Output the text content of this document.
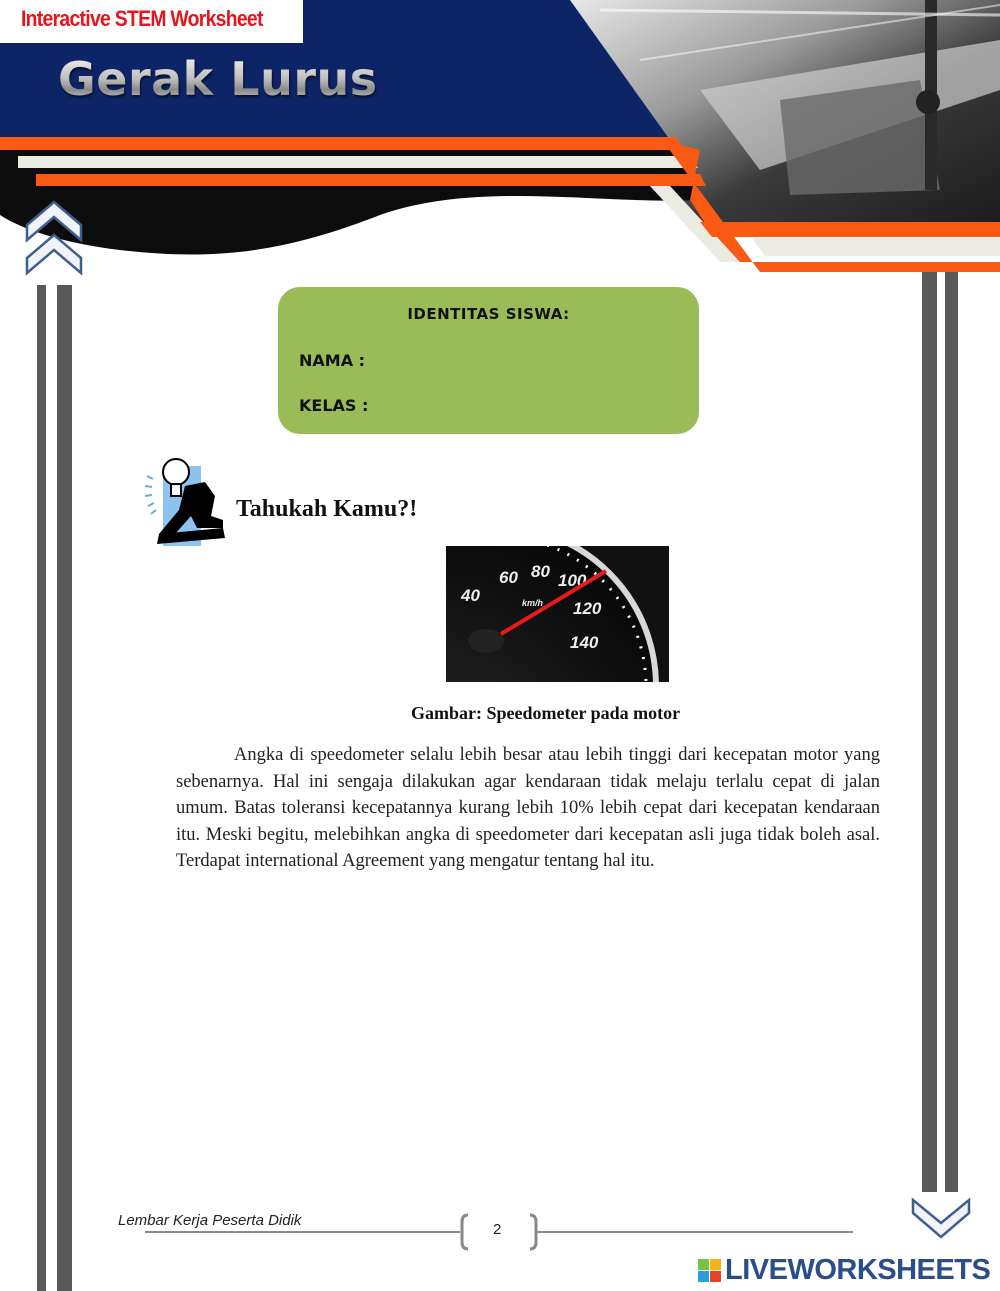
Interactive STEM Worksheet
Gerak Lurus
IDENTITAS SISWA:
NAMA :
KELAS :
Tahukah Kamu?!
40
60 80 100
120
140
km/h
Gambar: Speedometer pada motor

Angka di speedometer selalu lebih besar atau lebih tinggi dari kecepatan motor yang sebenarnya. Hal ini sengaja dilakukan agar kendaraan tidak melaju terlalu cepat di jalan umum. Batas toleransi kecepatannya kurang lebih 10% lebih cepat dari kecepatan kendaraan itu. Meski begitu, melebihkan angka di speedometer dari kecepatan asli juga tidak boleh asal. Terdapat international Agreement yang mengatur tentang hal itu.

Lembar Kerja Peserta Didik
2
LIVEWORKSHEETS
